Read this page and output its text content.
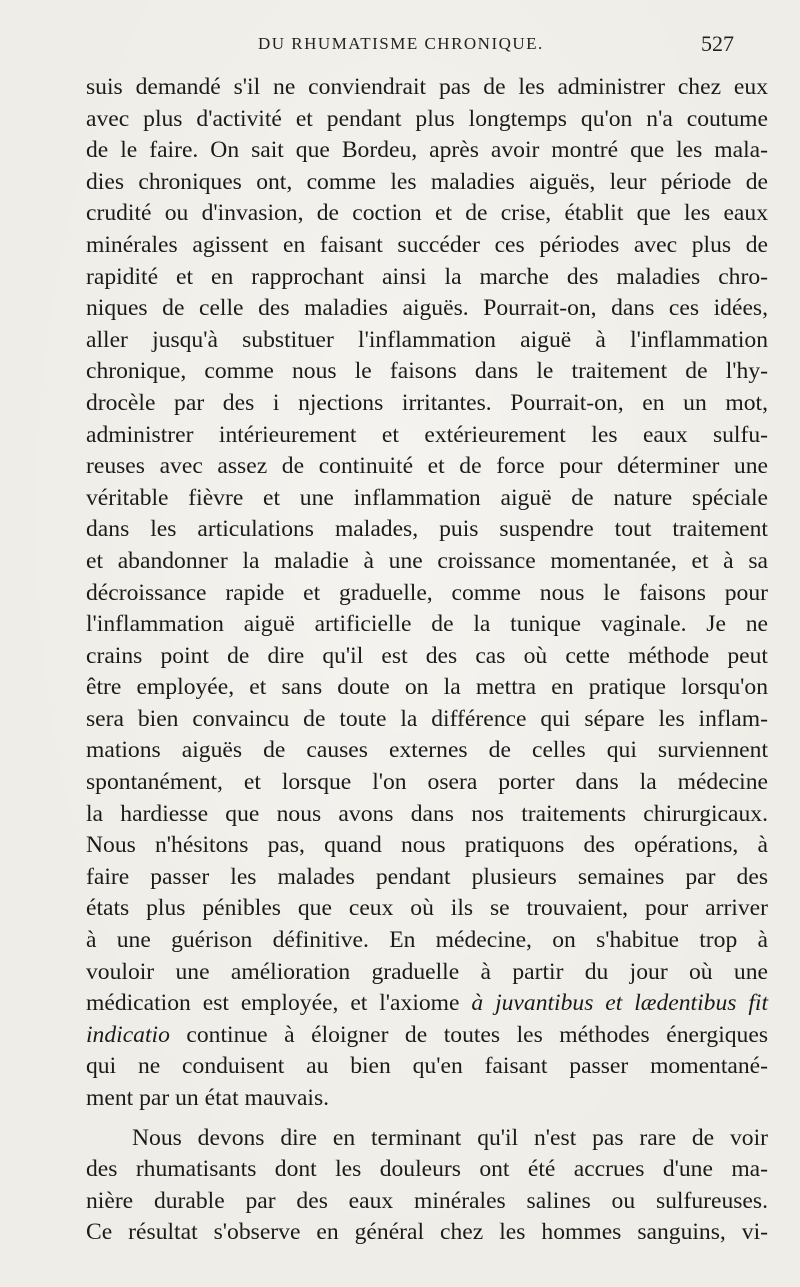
DU RHUMATISME CHRONIQUE.	527
suis demandé s'il ne conviendrait pas de les administrer chez eux
avec plus d'activité et pendant plus longtemps qu'on n'a coutume
de le faire. On sait que Bordeu, après avoir montré que les mala-
dies chroniques ont, comme les maladies aiguës, leur période de
crudité ou d'invasion, de coction et de crise, établit que les eaux
minérales agissent en faisant succéder ces périodes avec plus de
rapidité et en rapprochant ainsi la marche des maladies chro-
niques de celle des maladies aiguës. Pourrait-on, dans ces idées,
aller jusqu'à substituer l'inflammation aiguë à l'inflammation
chronique, comme nous le faisons dans le traitement de l'hy-
drocèle par des i njections irritantes. Pourrait-on, en un mot,
administrer intérieurement et extérieurement les eaux sulfu-
reuses avec assez de continuité et de force pour déterminer une
véritable fièvre et une inflammation aiguë de nature spéciale
dans les articulations malades, puis suspendre tout traitement
et abandonner la maladie à une croissance momentanée, et à sa
décroissance rapide et graduelle, comme nous le faisons pour
l'inflammation aiguë artificielle de la tunique vaginale. Je ne
crains point de dire qu'il est des cas où cette méthode peut
être employée, et sans doute on la mettra en pratique lorsqu'on
sera bien convaincu de toute la différence qui sépare les inflam-
mations aiguës de causes externes de celles qui surviennent
spontanément, et lorsque l'on osera porter dans la médecine
la hardiesse que nous avons dans nos traitements chirurgicaux.
Nous n'hésitons pas, quand nous pratiquons des opérations, à
faire passer les malades pendant plusieurs semaines par des
états plus pénibles que ceux où ils se trouvaient, pour arriver
à une guérison définitive. En médecine, on s'habitue trop à
vouloir une amélioration graduelle à partir du jour où une
médication est employée, et l'axiome à juvantibus et lædentibus fit
indicatio continue à éloigner de toutes les méthodes énergiques
qui ne conduisent au bien qu'en faisant passer momentané-
ment par un état mauvais.
Nous devons dire en terminant qu'il n'est pas rare de voir
des rhumatisants dont les douleurs ont été accrues d'une ma-
nière durable par des eaux minérales salines ou sulfureuses.
Ce résultat s'observe en général chez les hommes sanguins, vi-
